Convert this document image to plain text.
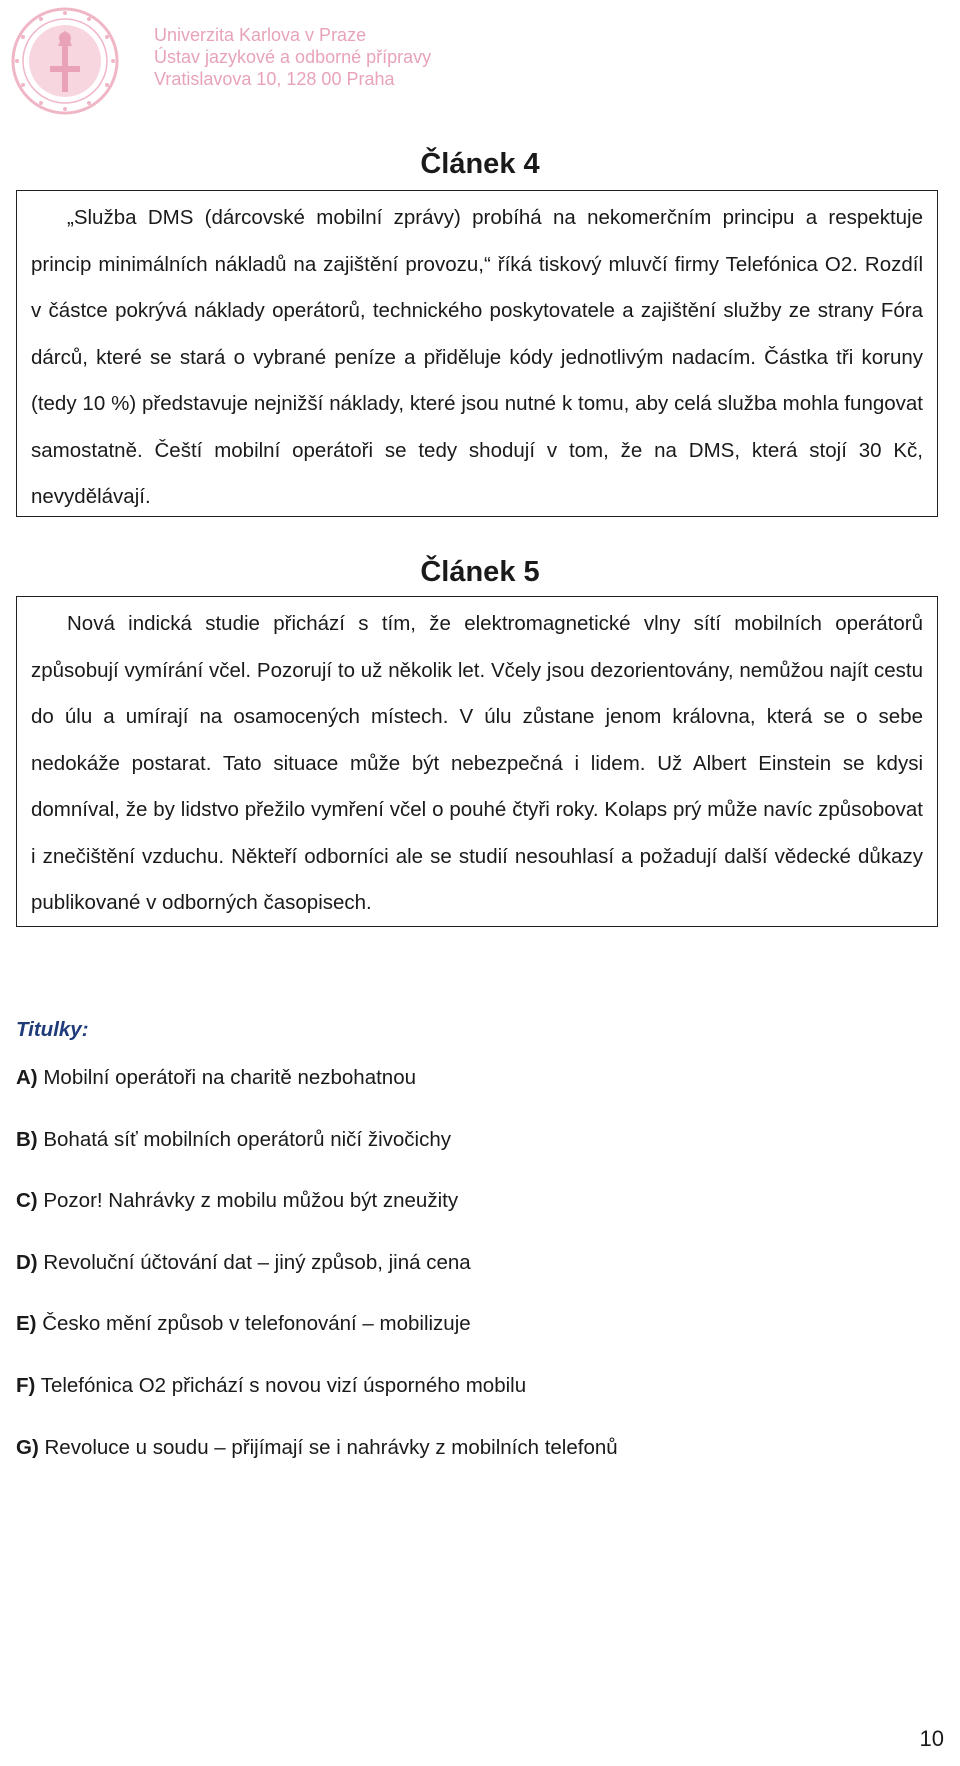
Univerzita Karlova v Praze
Ústav jazykové a odborné přípravy
Vratislavova 10, 128 00 Praha
Článek 4

„Služba DMS (dárcovské mobilní zprávy) probíhá na nekomerčním principu a respektuje princip minimálních nákladů na zajištění provozu,“ říká tiskový mluvčí firmy Telefónica O2. Rozdíl v částce pokrývá náklady operátorů, technického poskytovatele a zajištění služby ze strany Fóra dárců, které se stará o vybrané peníze a přiděluje kódy jednotlivým nadacím. Částka tři koruny (tedy 10 %) představuje nejnižší náklady, které jsou nutné k tomu, aby celá služba mohla fungovat samostatně. Čeští mobilní operátoři se tedy shodují v tom, že na DMS, která stojí 30 Kč, nevydělávají.

Článek 5

Nová indická studie přichází s tím, že elektromagnetické vlny sítí mobilních operátorů způsobují vymírání včel. Pozorují to už několik let. Včely jsou dezorientovány, nemůžou najít cestu do úlu a umírají na osamocených místech. V úlu zůstane jenom královna, která se o sebe nedokáže postarat. Tato situace může být nebezpečná i lidem. Už Albert Einstein se kdysi domníval, že by lidstvo přežilo vymření včel o pouhé čtyři roky. Kolaps prý může navíc způsobovat i znečištění vzduchu. Někteří odborníci ale se studií nesouhlasí a požadují další vědecké důkazy publikované v odborných časopisech.

Titulky:
A) Mobilní operátoři na charitě nezbohatnou
B) Bohatá síť mobilních operátorů ničí živočichy
C) Pozor! Nahrávky z mobilu můžou být zneužity
D) Revoluční účtování dat – jiný způsob, jiná cena
E) Česko mění způsob v telefonování – mobilizuje
F) Telefónica O2 přichází s novou vizí úsporného mobilu
G) Revoluce u soudu – přijímají se i nahrávky z mobilních telefonů
10
